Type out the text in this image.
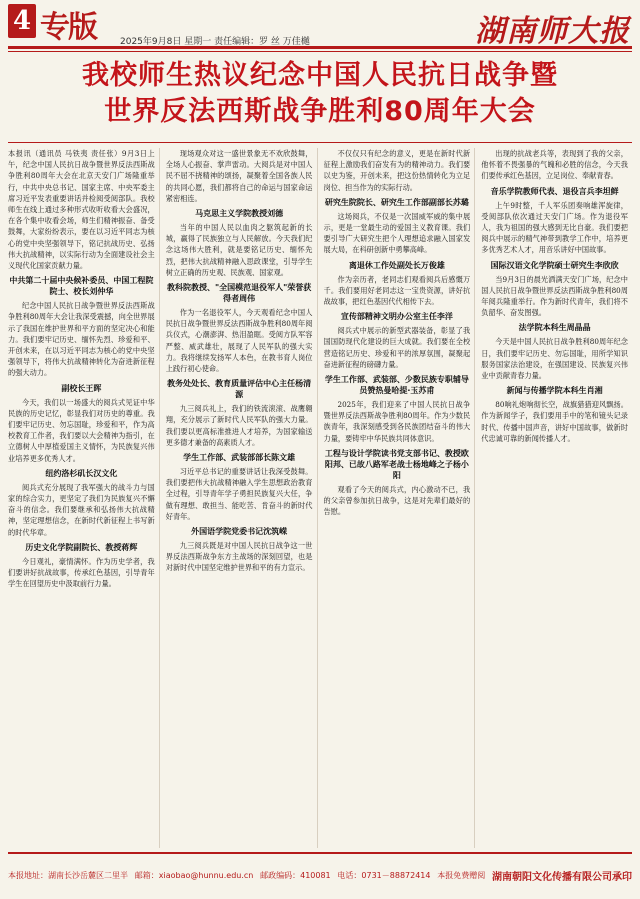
4 专版	2025年9月8日 星期一 责任编辑：罗 丝 万佳樾	湖南师大报
我校师生热议纪念中国人民抗日战争暨
世界反法西斯战争胜利80周年大会

本报讯（通讯员 马铁夷 责任张）9月3日上午，纪念中国人民抗日战争暨世界反法西斯战争胜利80周年大会在北京天安门广场隆重举行，中共中央总书记、国家主席、中央军委主席习近平发表重要讲话并检阅受阅部队。我校师生在线上通过多种形式收听收看大会盛况，在各个集中收看会场，师生们精神振奋、备受鼓舞，大家纷纷表示，要在以习近平同志为核心的党中央坚强领导下，铭记抗战历史、弘扬伟大抗战精神，以实际行动为全面建设社会主义现代化国家贡献力量。

中共第二十届中央候补委员、中国工程院院士、校长刘仲华

纪念中国人民抗日战争暨世界反法西斯战争胜利80周年大会让我深受震撼，向全世界展示了我国在维护世界和平方面的坚定决心和能力。我们要牢记历史、缅怀先烈、珍爱和平、开创未来，在以习近平同志为核心的党中央坚强领导下，将伟大抗战精神转化为奋进新征程的强大动力。

副校长王晖

今天，我们以一场盛大的阅兵式见证中华民族的历史记忆，彰显我们对历史的尊重。我们要牢记历史、勿忘国耻，珍爱和平，作为高校教育工作者，我们要以大会精神为指引，在立德树人中厚植爱国主义情怀，为民族复兴伟业培养更多优秀人才。

纽约洛杉矶长汉文化

阅兵式充分展现了我军强大的战斗力与国家的综合实力，更坚定了我们为民族复兴不懈奋斗的信念。我们要继承和弘扬伟大抗战精神，坚定理想信念，在新时代新征程上书写新的时代华章。

历史文化学院副院长、教授蒋辉

今日观礼，豪情满怀。作为历史学者，我们要讲好抗战故事，传承红色基因，引导青年学生在回望历史中汲取前行力量。

现场观众对这一盛世景象无不欢欣鼓舞，全场人心振奋、掌声雷动。大阅兵是对中国人民不屈不挠精神的颂扬，凝聚着全国各族人民的共同心愿，我们都将自己的命运与国家命运紧密相连。

马克思主义学院教授刘德

当年的中国人民以血肉之躯筑起新的长城，赢得了民族独立与人民解放。今天我们纪念这场伟大胜利，就是要铭记历史、缅怀先烈，把伟大抗战精神融入思政课堂，引导学生树立正确的历史观、民族观、国家观。

教科院教授、"全国模范退役军人"荣誉获得者周伟

作为一名退役军人，今天观看纪念中国人民抗日战争暨世界反法西斯战争胜利80周年阅兵仪式，心潮澎湃、热泪盈眶。受阅方队军容严整、威武雄壮，展现了人民军队的强大实力。我将继续发扬军人本色，在教书育人岗位上践行初心使命。

教务处处长、教育质量评估中心主任杨清源

九三阅兵礼上，我们的铁流滚滚、战鹰翱翔，充分展示了新时代人民军队的强大力量。我们要以更高标准推进人才培养，为国家输送更多德才兼备的高素质人才。

学生工作部、武装部部长陈文雄

习近平总书记的重要讲话让我深受鼓舞。我们要把伟大抗战精神融入学生思想政治教育全过程，引导青年学子勇担民族复兴大任，争做有理想、敢担当、能吃苦、肯奋斗的新时代好青年。

外国语学院党委书记沈筑嵘

九三阅兵既是对中国人民抗日战争这一世界反法西斯战争东方主战场的深刻回望，也是对新时代中国坚定维护世界和平的有力宣示。

不仅仅只有纪念的意义，更是在新时代新征程上激励我们奋发有为的精神动力。我们要以史为鉴，开创未来，把这份热情转化为立足岗位、担当作为的实际行动。

研究生院院长、研究生工作部副部长苏璐

这场阅兵，不仅是一次国威军威的集中展示，更是一堂最生动的爱国主义教育课。我们要引导广大研究生把个人理想追求融入国家发展大局，在科研创新中勇攀高峰。

离退休工作处副处长万俊雄

作为亲历者，老同志们观看阅兵后感慨万千。我们要用好老同志这一宝贵资源，讲好抗战故事，把红色基因代代相传下去。

宣传部精神文明办公室主任李洋

阅兵式中展示的新型武器装备，彰显了我国国防现代化建设的巨大成就。我们要在全校营造铭记历史、珍爱和平的浓厚氛围，凝聚起奋进新征程的磅礴力量。

学生工作部、武装部、少数民族专职辅导员赞热曼哈提·玉苏甫

2025年，我们迎来了中国人民抗日战争暨世界反法西斯战争胜利80周年。作为少数民族青年，我深刻感受到各民族团结奋斗的伟大力量，要铸牢中华民族共同体意识。

工程与设计学院读书党支部书记、教授欧阳邦、已故八路军老战士杨地峰之子杨小阳

观看了今天的阅兵式，内心激动不已，我的父亲曾参加抗日战争，这是对先辈们最好的告慰。

出现的抗战老兵等，表现到了我的父亲，他怀着不畏强暴的气魄和必胜的信念，今天我们要传承红色基因，立足岗位、奉献青春。

音乐学院教师代表、退役言兵李坦鲜

上午9时整，千人军乐团奏响雄浑旋律，受阅部队依次通过天安门广场。作为退役军人，我为祖国的强大感到无比自豪。我们要把阅兵中展示的精气神带到教学工作中，培养更多优秀艺术人才，用音乐讲好中国故事。

国际汉语文化学院硕士研究生李欣欣

当9月3日的晨光洒满天安门广场，纪念中国人民抗日战争暨世界反法西斯战争胜利80周年阅兵隆重举行。作为新时代青年，我们将不负韶华、奋发图强。

法学院本科生周晶晶

今天是中国人民抗日战争胜利80周年纪念日，我们要牢记历史、勿忘国耻，用所学知识服务国家法治建设，在强国建设、民族复兴伟业中贡献青春力量。

新闻与传播学院本科生肖湘

80响礼炮响彻长空，战旗猎猎迎风飘扬。作为新闻学子，我们要用手中的笔和镜头记录时代、传播中国声音，讲好中国故事，做新时代忠诚可靠的新闻传播人才。

本报地址：湖南长沙岳麓区二里半 邮箱：xiaobao@hunnu.edu.cn 邮政编码：410081 电话：0731－88872414 本报免费赠阅 湖南朝阳文化传播有限公司承印
